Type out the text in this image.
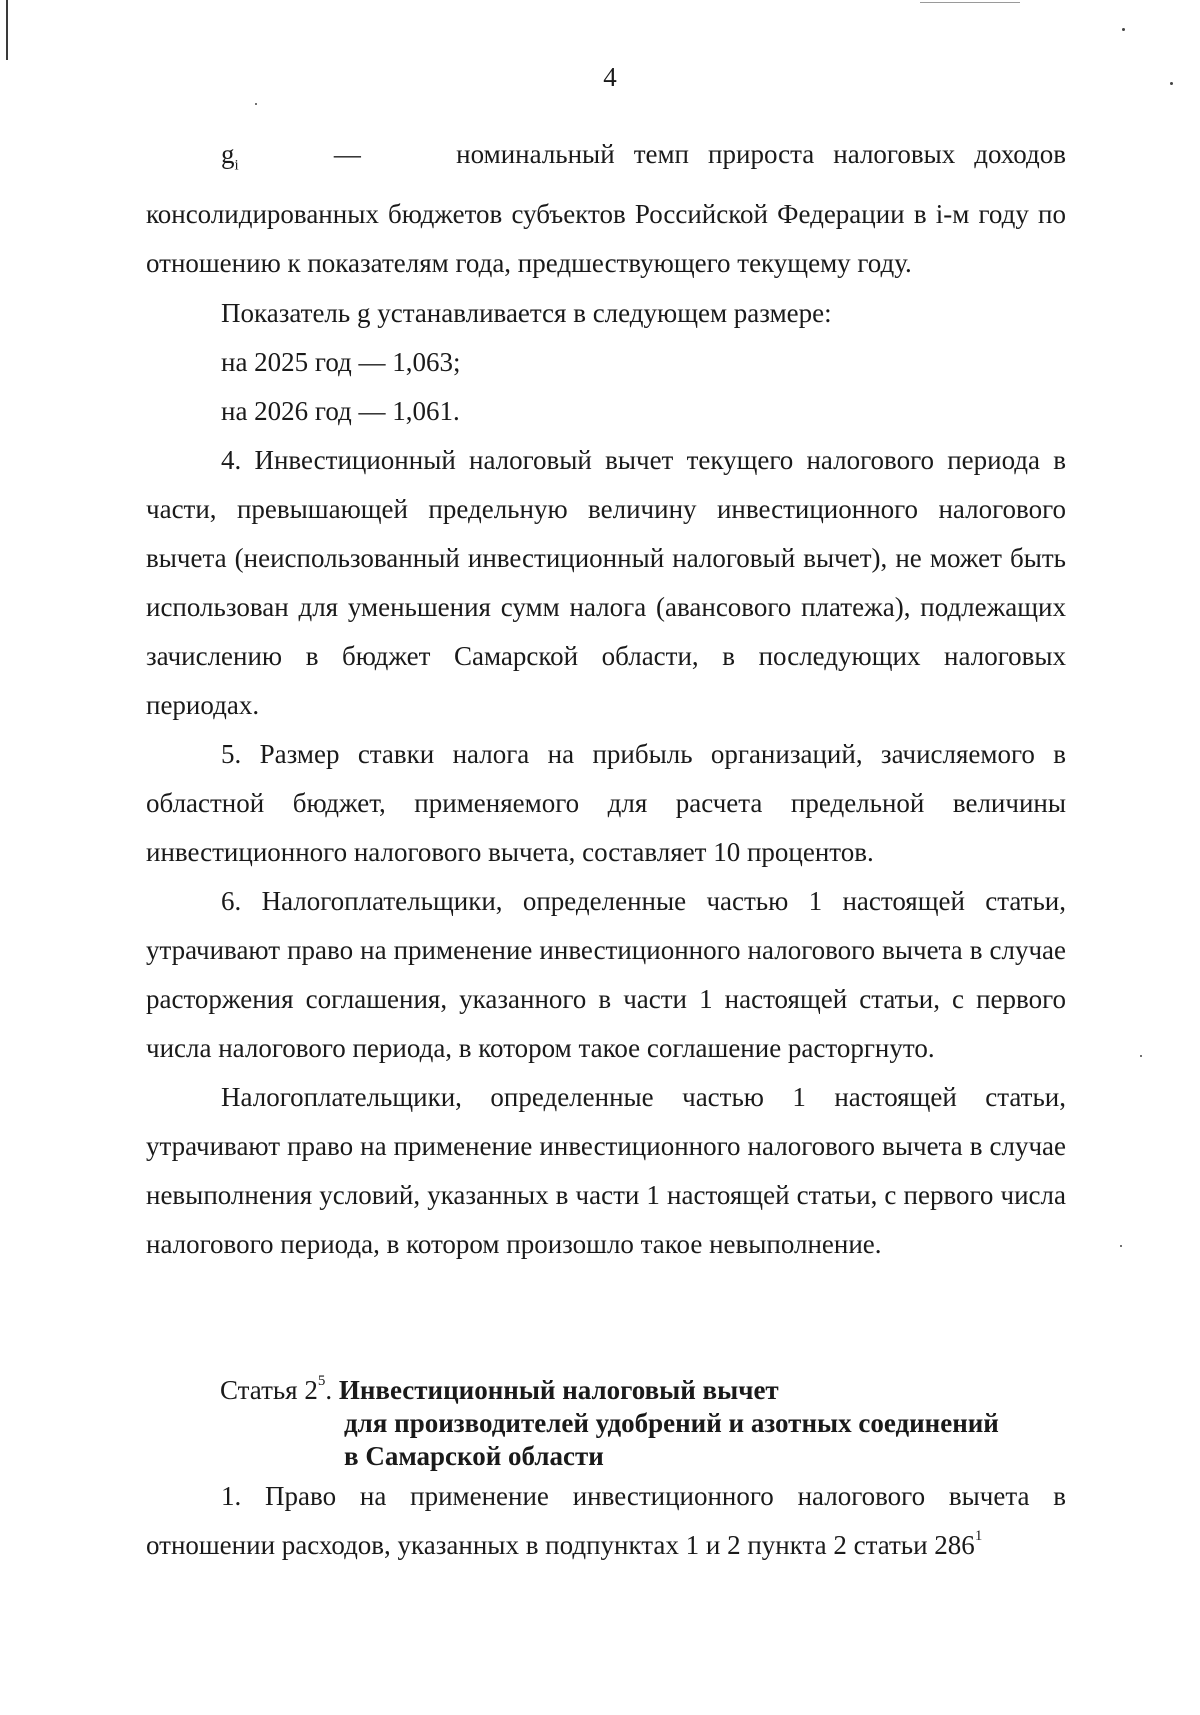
4

$g_i$	—	номинальный темп прироста налоговых доходов консолидированных бюджетов субъектов Российской Федерации в i-м году по отношению к показателям года, предшествующего текущему году.

Показатель g устанавливается в следующем размере:

на 2025 год — 1,063;

на 2026 год — 1,061.

4. Инвестиционный налоговый вычет текущего налогового периода в части, превышающей предельную величину инвестиционного налогового вычета (неиспользованный инвестиционный налоговый вычет), не может быть использован для уменьшения сумм налога (авансового платежа), подлежащих зачислению в бюджет Самарской области, в последующих налоговых периодах.

5. Размер ставки налога на прибыль организаций, зачисляемого в областной бюджет, применяемого для расчета предельной величины инвестиционного налогового вычета, составляет 10 процентов.

6. Налогоплательщики, определенные частью 1 настоящей статьи, утрачивают право на применение инвестиционного налогового вычета в случае расторжения соглашения, указанного в части 1 настоящей статьи, с первого числа налогового периода, в котором такое соглашение расторгнуто.

Налогоплательщики, определенные частью 1 настоящей статьи, утрачивают право на применение инвестиционного налогового вычета в случае невыполнения условий, указанных в части 1 настоящей статьи, с первого числа налогового периода, в котором произошло такое невыполнение.

Статья $2^5$. Инвестиционный налоговый вычет
для производителей удобрений и азотных соединений
в Самарской области

1. Право на применение инвестиционного налогового вычета в отношении расходов, указанных в подпунктах 1 и 2 пункта 2 статьи $286^1$
